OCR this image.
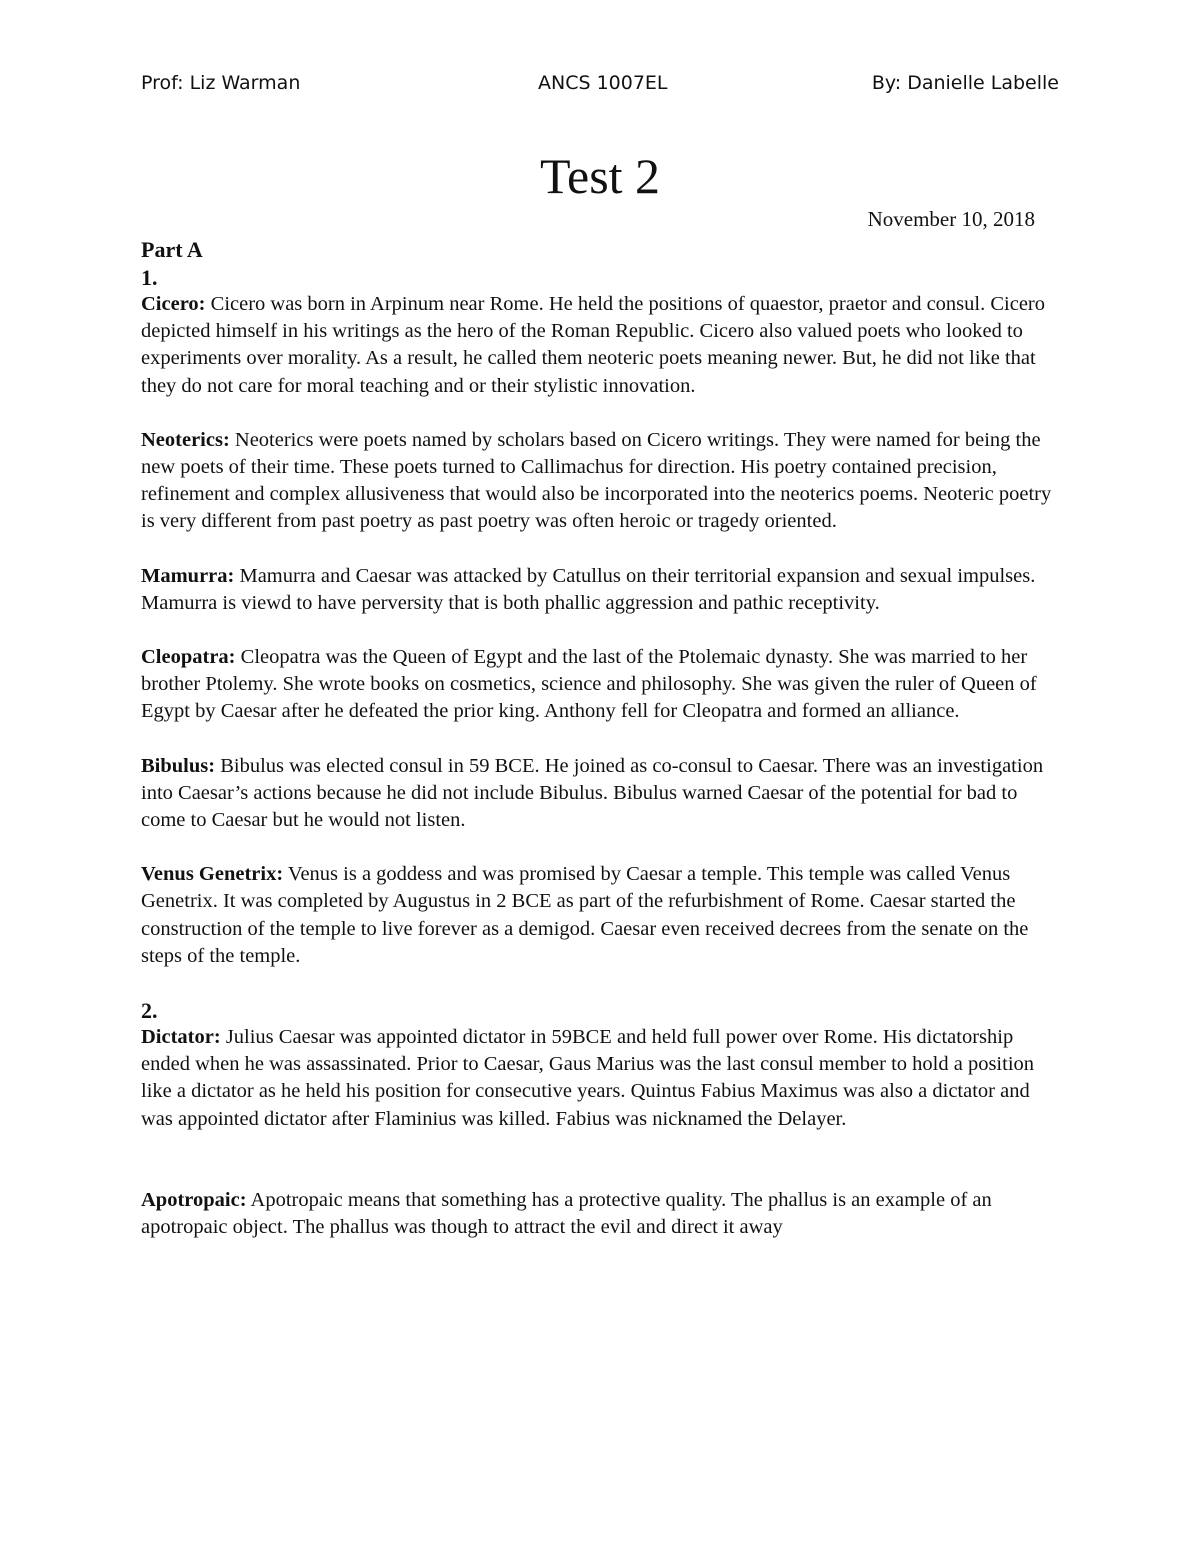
Prof: Liz Warman	ANCS 1007EL	By: Danielle Labelle
Test 2
November 10, 2018

Part A

1.

Cicero: Cicero was born in Arpinum near Rome. He held the positions of quaestor, praetor and consul. Cicero depicted himself in his writings as the hero of the Roman Republic. Cicero also valued poets who looked to experiments over morality. As a result, he called them neoteric poets meaning newer. But, he did not like that they do not care for moral teaching and or their stylistic innovation.

Neoterics: Neoterics were poets named by scholars based on Cicero writings. They were named for being the new poets of their time. These poets turned to Callimachus for direction. His poetry contained precision, refinement and complex allusiveness that would also be incorporated into the neoterics poems. Neoteric poetry is very different from past poetry as past poetry was often heroic or tragedy oriented.

Mamurra: Mamurra and Caesar was attacked by Catullus on their territorial expansion and sexual impulses. Mamurra is viewd to have perversity that is both phallic aggression and pathic receptivity.

Cleopatra: Cleopatra was the Queen of Egypt and the last of the Ptolemaic dynasty. She was married to her brother Ptolemy. She wrote books on cosmetics, science and philosophy. She was given the ruler of Queen of Egypt by Caesar after he defeated the prior king. Anthony fell for Cleopatra and formed an alliance.

Bibulus: Bibulus was elected consul in 59 BCE. He joined as co-consul to Caesar. There was an investigation into Caesar’s actions because he did not include Bibulus. Bibulus warned Caesar of the potential for bad to come to Caesar but he would not listen.

Venus Genetrix: Venus is a goddess and was promised by Caesar a temple. This temple was called Venus Genetrix. It was completed by Augustus in 2 BCE as part of the refurbishment of Rome. Caesar started the construction of the temple to live forever as a demigod. Caesar even received decrees from the senate on the steps of the temple.

2.

Dictator: Julius Caesar was appointed dictator in 59BCE and held full power over Rome. His dictatorship ended when he was assassinated. Prior to Caesar, Gaus Marius was the last consul member to hold a position like a dictator as he held his position for consecutive years. Quintus Fabius Maximus was also a dictator and was appointed dictator after Flaminius was killed. Fabius was nicknamed the Delayer.

Apotropaic: Apotropaic means that something has a protective quality. The phallus is an example of an apotropaic object. The phallus was though to attract the evil and direct it away
